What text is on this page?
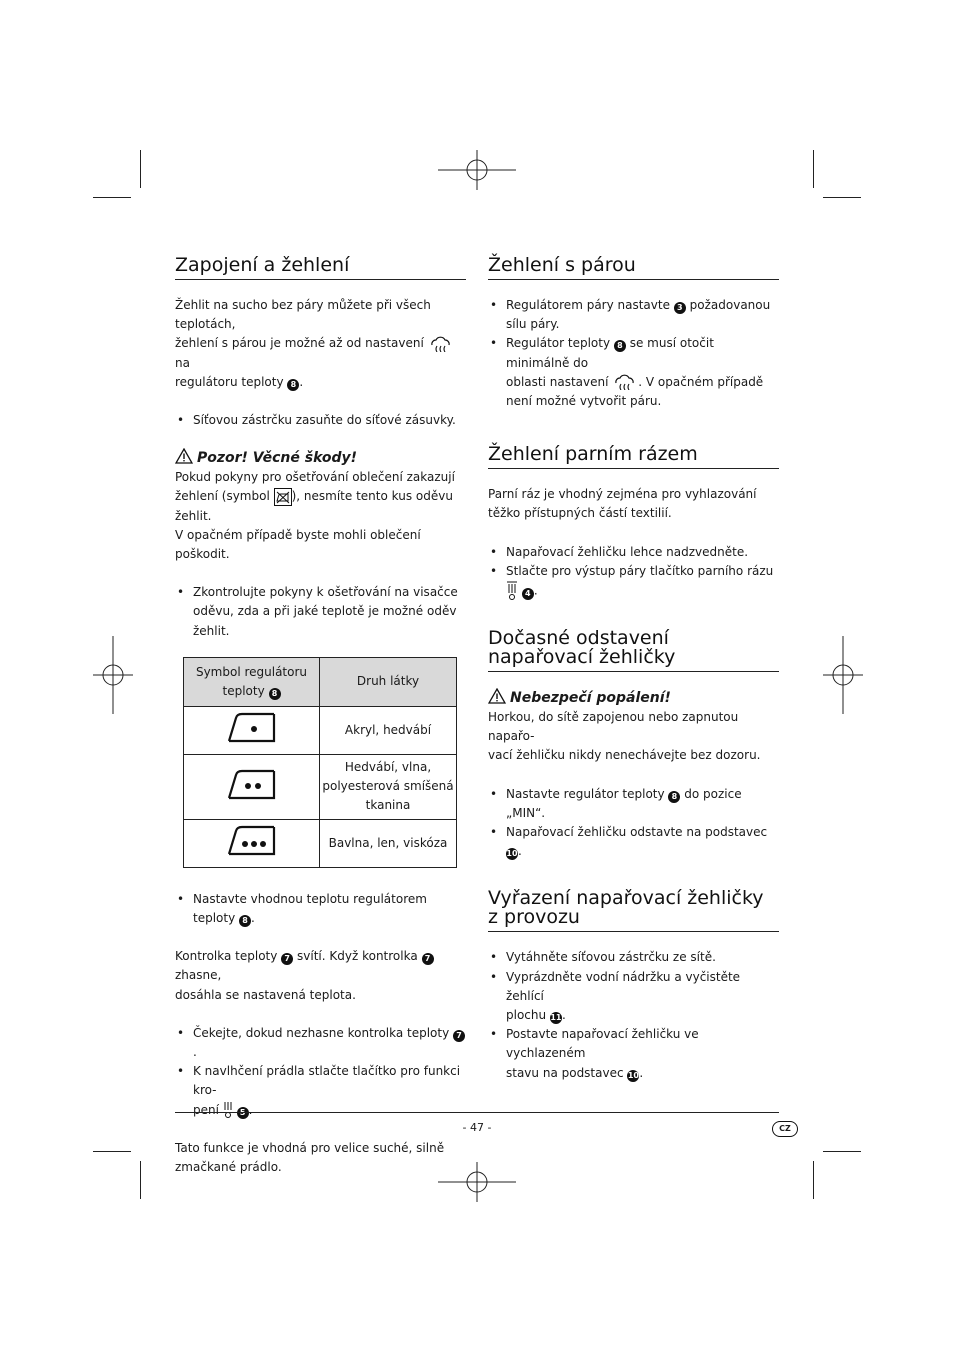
Zapojení a žehlení

Žehlit na sucho bez páry můžete při všech teplotách,
žehlení s párou je možné až od nastavení  na
regulátoru teploty 8 .

• Síťovou zástrčku zasuňte do síťové zásuvky.
Pozor! Věcné škody!

Pokud pokyny pro ošetřování oblečení zakazují
žehlení (symbol ), nesmíte tento kus oděvu žehlit.
V opačném případě byste mohli oblečení poškodit.

• Zkontrolujte pokyny k ošetřování na visačce oděvu, zda a při jaké teplotě je možné oděv žehlit.
Symbol regulátoru teploty 8	Druh látky
	Akryl, hedvábí
	Hedvábí, vlna, polyesterová smíšená tkanina
	Bavlna, len, viskóza
• Nastavte vhodnou teplotu regulátorem teploty 8 .

Kontrolka teploty 7 svítí. Když kontrolka 7 zhasne,
dosáhla se nastavená teplota.

• Čekejte, dokud nezhasne kontrolka teploty 7.
• K navlhčení prádla stlačte tlačítko pro funkci kro-
pení	5 .

Tato funkce je vhodná pro velice suché, silně
zmačkané prádlo.

Žehlení s párou
• Regulátorem páry nastavte 3 požadovanou sílu páry.
• Regulátor teploty 8 se musí otočit minimálně do
oblasti nastavení . V opačném případě
není možné vytvořit páru.
Žehlení parním rázem

Parní ráz je vhodný zejména pro vyhlazování
těžko přístupných částí textilií.

• Napařovací žehličku lehce nadzvedněte.
• Stlačte pro výstup páry tlačítko parního rázu  4 .
Dočasné odstavení napařovací žehličky
Nebezpečí popálení!

Horkou, do sítě zapojenou nebo zapnutou napařo-
vací žehličku nikdy nenechávejte bez dozoru.

• Nastavte regulátor teploty 8 do pozice „MIN“.
• Napařovací žehličku odstavte na podstavec 10.
Vyřazení napařovací žehličky z provozu
• Vytáhněte síťovou zástrčku ze sítě.
• Vyprázdněte vodní nádržku a vyčistěte žehlící
plochu 11.
• Postavte napařovací žehličku ve vychlazeném
stavu na podstavec 10.
- 47 -	CZ
